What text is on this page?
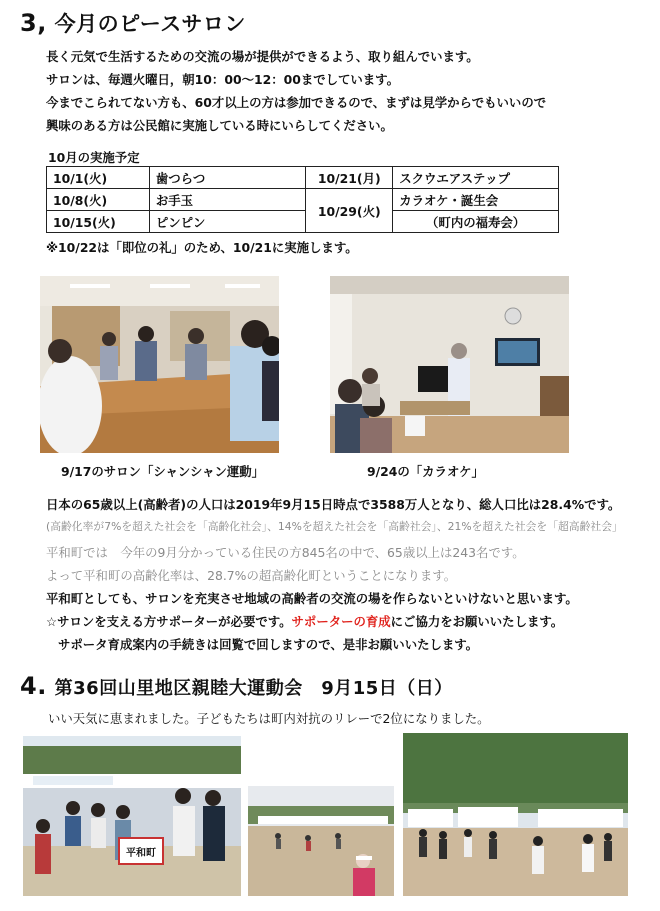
3, 今月のピースサロン
長く元気で生活するための交流の場が提供ができるよう、取り組んでいます。
サロンは、毎週火曜日，朝10：00～12：00までしています。
今までこられてない方も、60才以上の方は参加できるので、まずは見学からでもいいので
興味のある方は公民館に実施している時にいらしてください。
10月の実施予定
10/1(火)	歯つらつ	10/21(月)	スクウエアステップ
10/8(火)	お手玉	10/29(火)	カラオケ・誕生会
10/15(火)	ピンピン		（町内の福寿会）
※10/22は「即位の礼」のため、10/21に実施します。
9/17のサロン「シャンシャン運動」	9/24の「カラオケ」
日本の65歳以上(高齢者)の人口は2019年9月15日時点で3588万人となり、総人口比は28.4%です。
(高齢化率が7%を超えた社会を「高齢化社会」、14%を超えた社会を「高齢社会」、21%を超えた社会を「超高齢社会」
平和町では　今年の9月分かっている住民の方845名の中で、65歳以上は243名です。
よって平和町の高齢化率は、28.7%の超高齢化町ということになります。
平和町としても、サロンを充実させ地域の高齢者の交流の場を作らないといけないと思います。
☆サロンを支える方サポーターが必要です。サポーターの育成にご協力をお願いいたします。
サポータ育成案内の手続きは回覧で回しますので、是非お願いいたします。
4. 第36回山里地区親睦大運動会　9月15日（日）
いい天気に恵まれました。子どもたちは町内対抗のリレーで2位になりました。
平和町
